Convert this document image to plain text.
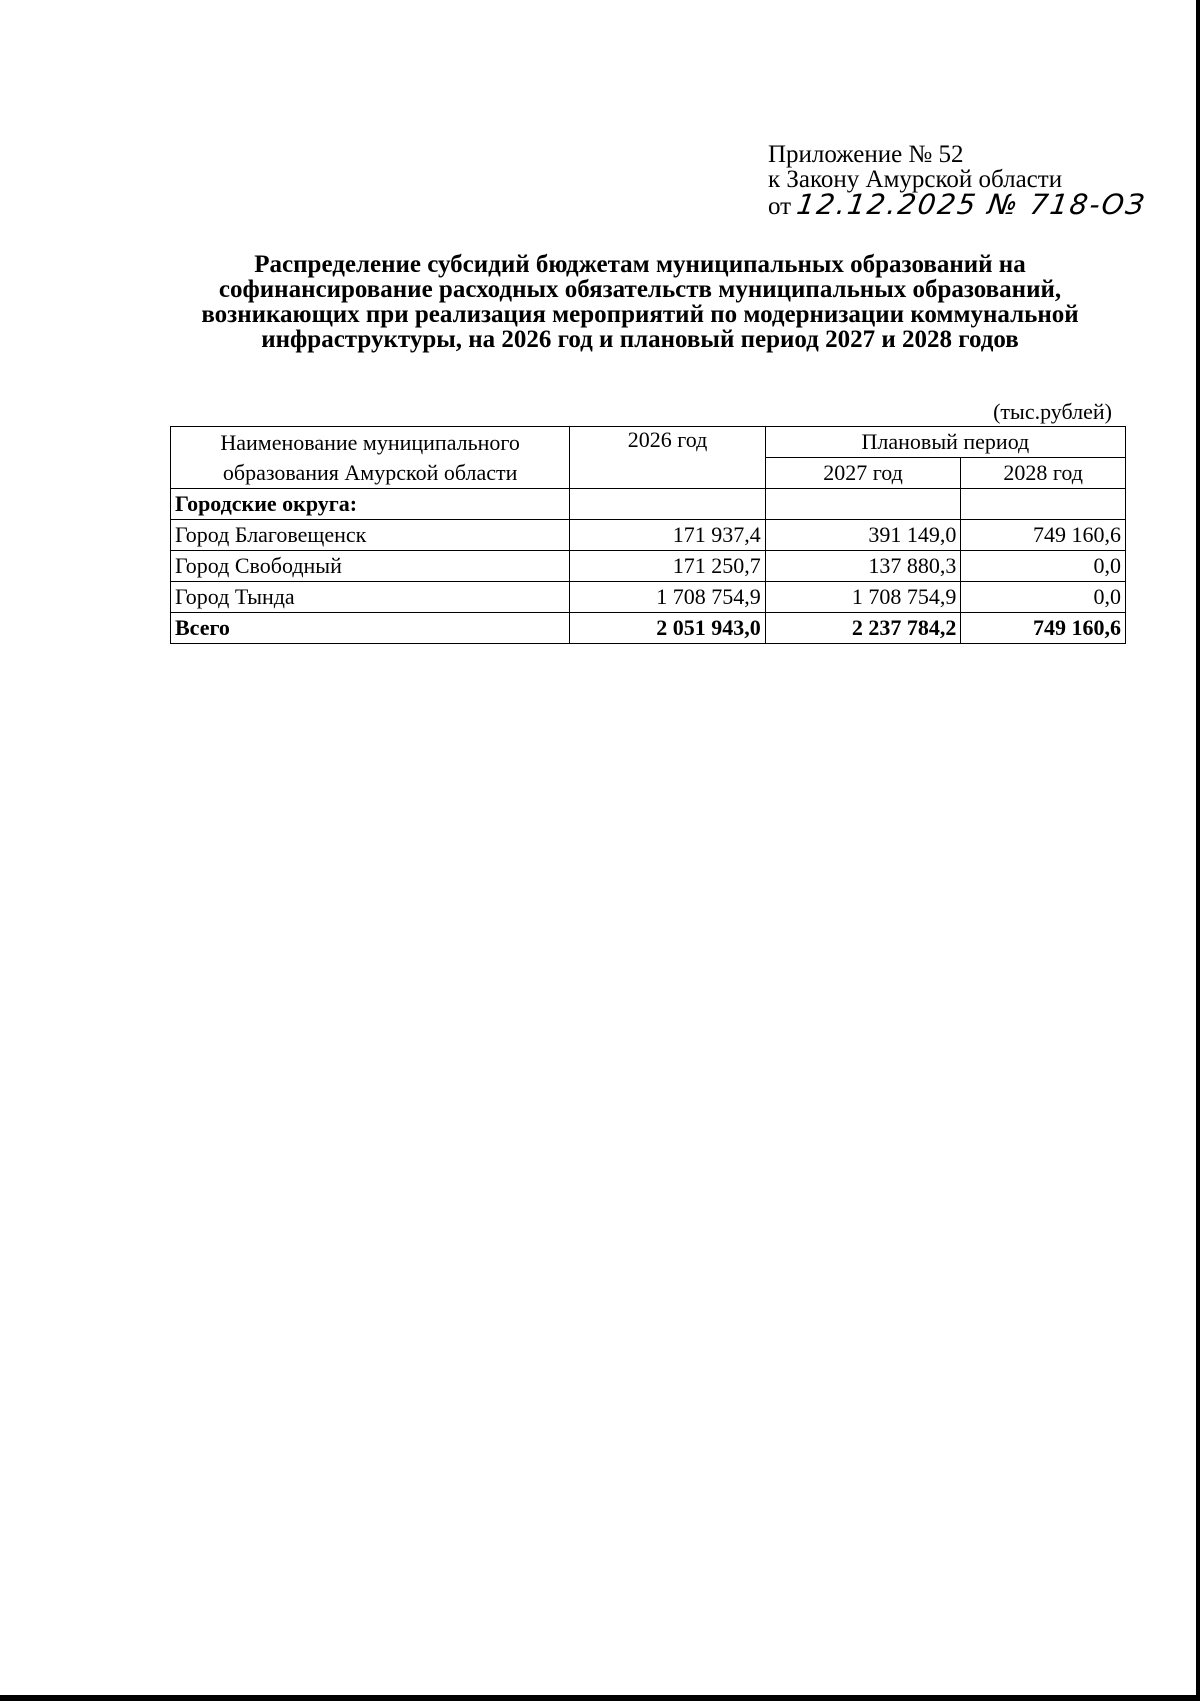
Приложение № 52
к Закону Амурской области
от 12.12.2025 № 718-ОЗ
Распределение субсидий бюджетам муниципальных образований на софинансирование расходных обязательств муниципальных образований, возникающих при реализация мероприятий по модернизации коммунальной инфраструктуры, на 2026 год и плановый период 2027 и 2028 годов
(тыс.рублей)
Наименование муниципального образования Амурской области	2026 год	Плановый период	
		2027 год	2028 год
Городские округа:			
Город Благовещенск	171 937,4	391 149,0	749 160,6
Город Свободный	171 250,7	137 880,3	0,0
Город Тында	1 708 754,9	1 708 754,9	0,0
Всего	2 051 943,0	2 237 784,2	749 160,6
